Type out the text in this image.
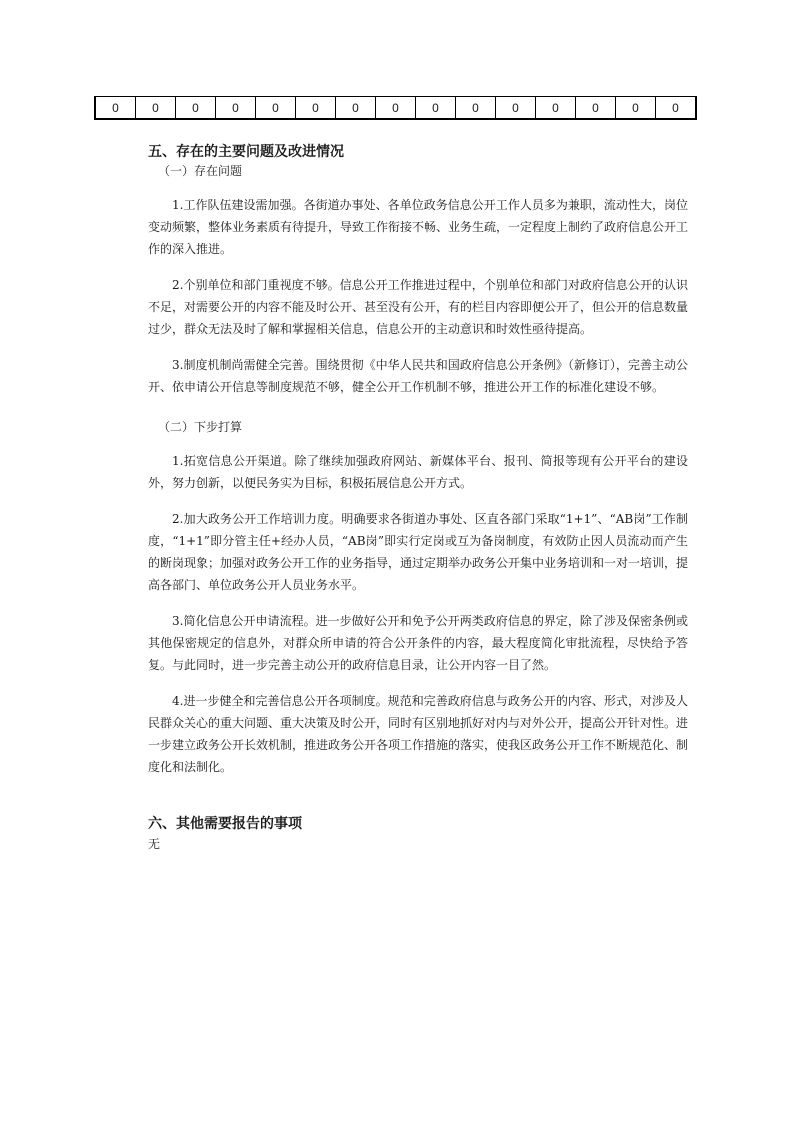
0	0	0	0	0	0	0	0	0	0	0	0	0	0	0
五、存在的主要问题及改进情况

（一）存在问题

1.工作队伍建设需加强。各街道办事处、各单位政务信息公开工作人员多为兼职，流动性大，岗位变动频繁，整体业务素质有待提升，导致工作衔接不畅、业务生疏，一定程度上制约了政府信息公开工作的深入推进。

2.个别单位和部门重视度不够。信息公开工作推进过程中，个别单位和部门对政府信息公开的认识不足，对需要公开的内容不能及时公开、甚至没有公开，有的栏目内容即便公开了，但公开的信息数量过少，群众无法及时了解和掌握相关信息，信息公开的主动意识和时效性亟待提高。

3.制度机制尚需健全完善。围绕贯彻《中华人民共和国政府信息公开条例》（新修订），完善主动公开、依申请公开信息等制度规范不够，健全公开工作机制不够，推进公开工作的标准化建设不够。

（二）下步打算

1.拓宽信息公开渠道。除了继续加强政府网站、新媒体平台、报刊、简报等现有公开平台的建设外，努力创新，以便民务实为目标，积极拓展信息公开方式。

2.加大政务公开工作培训力度。明确要求各街道办事处、区直各部门采取“1+1”、“AB岗”工作制度，“1+1”即分管主任+经办人员，“AB岗”即实行定岗或互为备岗制度，有效防止因人员流动而产生的断岗现象；加强对政务公开工作的业务指导，通过定期举办政务公开集中业务培训和一对一培训，提高各部门、单位政务公开人员业务水平。

3.简化信息公开申请流程。进一步做好公开和免予公开两类政府信息的界定，除了涉及保密条例或其他保密规定的信息外，对群众所申请的符合公开条件的内容，最大程度简化审批流程，尽快给予答复。与此同时，进一步完善主动公开的政府信息目录，让公开内容一目了然。

4.进一步健全和完善信息公开各项制度。规范和完善政府信息与政务公开的内容、形式，对涉及人民群众关心的重大问题、重大决策及时公开，同时有区别地抓好对内与对外公开，提高公开针对性。进一步建立政务公开长效机制，推进政务公开各项工作措施的落实，使我区政务公开工作不断规范化、制度化和法制化。

六、其他需要报告的事项

无
